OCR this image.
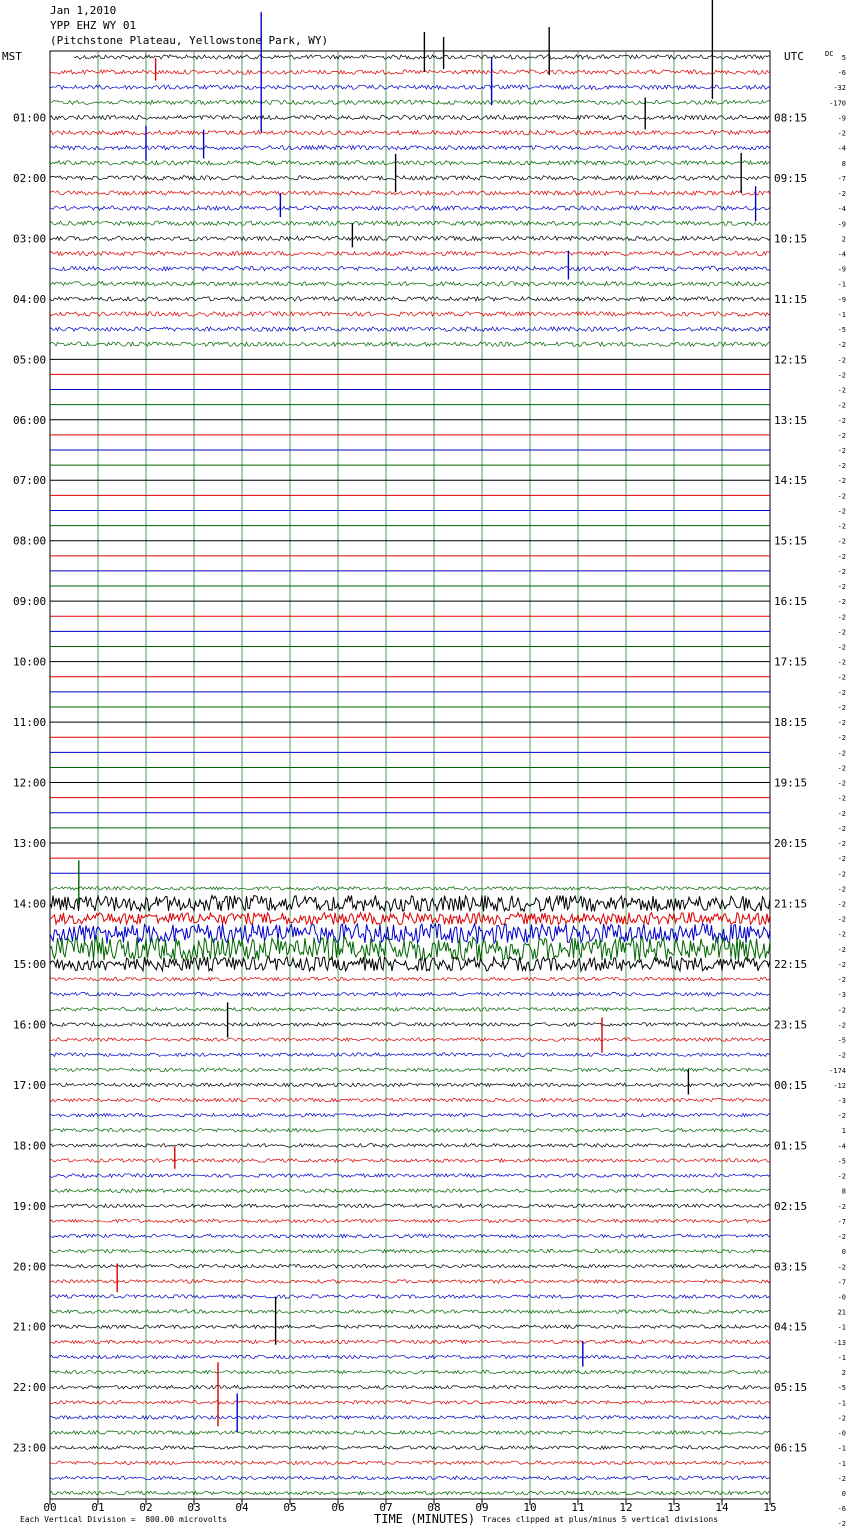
Jan 1,2010
YPP EHZ WY 01
(Pitchstone Plateau, Yellowstone Park, WY)
MST	UTC
01:00
02:00
03:00
04:00
05:00
06:00
07:00
08:00
09:00
10:00
11:00
12:00
13:00
14:00
15:00
16:00
17:00
18:00
19:00
20:00
21:00
22:00
23:00
08:15
09:15
10:15
11:15
12:15
13:15
14:15
15:15
16:15
17:15
18:15
19:15
20:15
21:15
22:15
23:15
00:15
01:15
02:15
03:15
04:15
05:15
06:15
DC 5
-6
-32
-170
-9
-2
-4
8
-7
-2
-4
-9
2
-4
-9
-1
-9
-1
-5
-2
-2
-2
-2
-2
-2
-2
-2
-2
-2
-2
-2
-2
-2
-2
-2
-2
-2
-2
-2
-2
-2
-2
-2
-2
-2
-2
-2
-2
-2
-2
-2
-2
-2
-2
-2
-2
-2
-2
-2
-2
-2
-2
-3
-2
-2
-5
-2
-174
-12
-3
-2
1
-4
-5
-2
8
-2
-7
-2
0
-2
-7
-0
21
-1
-13
-1
2
-5
-1
-2
-0
-1
-1
-2
0
-6
-2
00	01	02	03	04	05	06	07	08	09	10	11	12	13	14	15
Each Vertical Division =  800.00 microvolts	TIME (MINUTES) Traces clipped at plus/minus 5 vertical divisions
